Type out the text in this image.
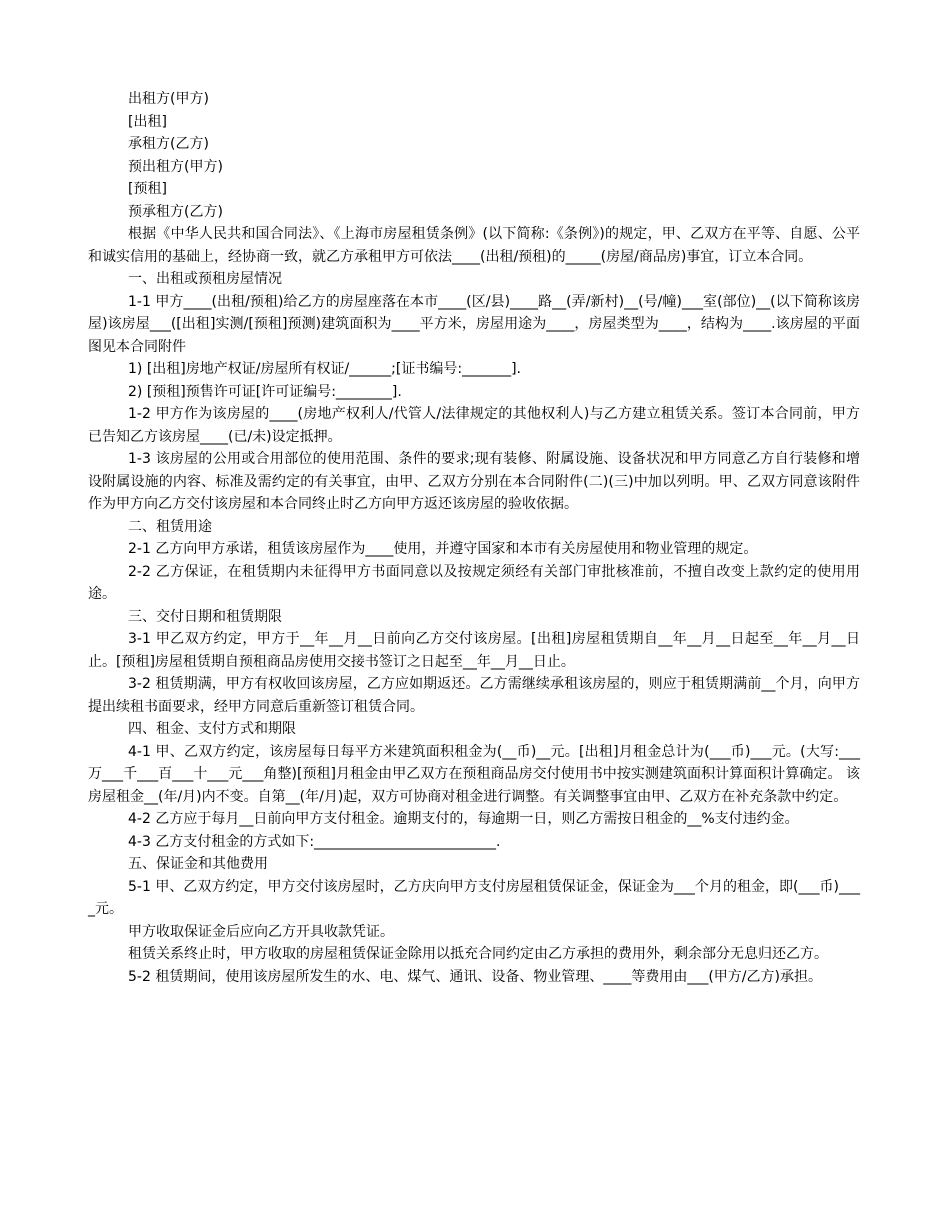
出租方(甲方)

[出租]

承租方(乙方)

预出租方(甲方)

[预租]

预承租方(乙方)

根据《中华人民共和国合同法》、《上海市房屋租赁条例》(以下简称:《条例》)的规定，甲、乙双方在平等、自愿、公平和诚实信用的基础上，经协商一致，就乙方承租甲方可依法____(出租/预租)的_____(房屋/商品房)事宜，订立本合同。

一、出租或预租房屋情况

1-1 甲方____(出租/预租)给乙方的房屋座落在本市____(区/县)____路__(弄/新村)__(号/幢)___室(部位)__(以下简称该房屋)该房屋___([出租]实测/[预租]预测)建筑面积为____平方米，房屋用途为____，房屋类型为____，结构为____.该房屋的平面图见本合同附件

1) [出租]房地产权证/房屋所有权证/______;[证书编号:_______].

2) [预租]预售许可证[许可证编号:________].

1-2 甲方作为该房屋的____(房地产权利人/代管人/法律规定的其他权利人)与乙方建立租赁关系。签订本合同前，甲方已告知乙方该房屋____(已/未)设定抵押。

1-3 该房屋的公用或合用部位的使用范围、条件的要求;现有装修、附属设施、设备状况和甲方同意乙方自行装修和增设附属设施的内容、标准及需约定的有关事宜，由甲、乙双方分别在本合同附件(二)(三)中加以列明。甲、乙双方同意该附件作为甲方向乙方交付该房屋和本合同终止时乙方向甲方返还该房屋的验收依据。

二、租赁用途

2-1 乙方向甲方承诺，租赁该房屋作为____使用，并遵守国家和本市有关房屋使用和物业管理的规定。

2-2 乙方保证，在租赁期内未征得甲方书面同意以及按规定须经有关部门审批核准前，不擅自改变上款约定的使用用途。

三、交付日期和租赁期限

3-1 甲乙双方约定，甲方于__年__月__日前向乙方交付该房屋。[出租]房屋租赁期自__年__月__日起至__年__月__日止。[预租]房屋租赁期自预租商品房使用交接书签订之日起至__年__月__日止。

3-2 租赁期满，甲方有权收回该房屋，乙方应如期返还。乙方需继续承租该房屋的，则应于租赁期满前__个月，向甲方提出续租书面要求，经甲方同意后重新签订租赁合同。

四、租金、支付方式和期限

4-1 甲、乙双方约定，该房屋每日每平方米建筑面积租金为(__币)__元。[出租]月租金总计为(___币)___元。(大写:___万___千___百___十___元___角整)[预租]月租金由甲乙双方在预租商品房交付使用书中按实测建筑面积计算面积计算确定。 该房屋租金__(年/月)内不变。自第__(年/月)起，双方可协商对租金进行调整。有关调整事宜由甲、乙双方在补充条款中约定。

4-2 乙方应于每月__日前向甲方支付租金。逾期支付的，每逾期一日，则乙方需按日租金的__%支付违约金。

4-3 乙方支付租金的方式如下:__________________________.

五、保证金和其他费用

5-1 甲、乙双方约定，甲方交付该房屋时，乙方庆向甲方支付房屋租赁保证金，保证金为___个月的租金，即(___币)____元。

甲方收取保证金后应向乙方开具收款凭证。

租赁关系终止时，甲方收取的房屋租赁保证金除用以抵充合同约定由乙方承担的费用外，剩余部分无息归还乙方。

5-2 租赁期间，使用该房屋所发生的水、电、煤气、通讯、设备、物业管理、____等费用由___(甲方/乙方)承担。
